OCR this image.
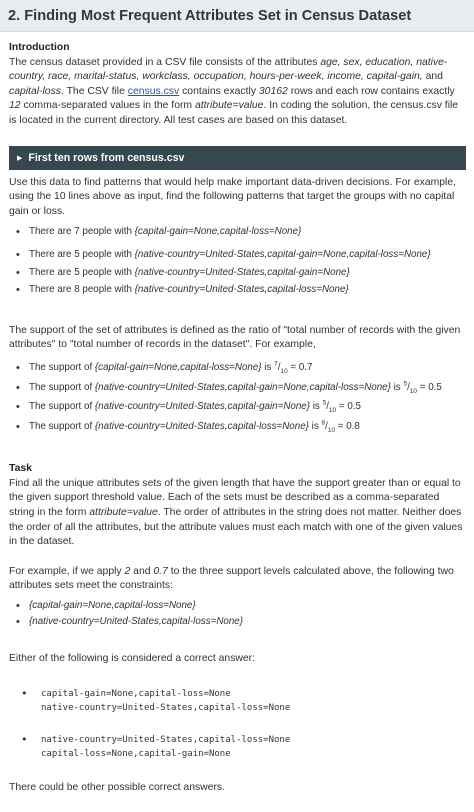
2. Finding Most Frequent Attributes Set in Census Dataset
Introduction
The census dataset provided in a CSV file consists of the attributes age, sex, education, native-country, race, marital-status, workclass, occupation, hours-per-week, income, capital-gain, and capital-loss. The CSV file census.csv contains exactly 30162 rows and each row contains exactly 12 comma-separated values in the form attribute=value. In coding the solution, the census.csv file is located in the current directory. All test cases are based on this dataset.
▶ First ten rows from census.csv
Use this data to find patterns that would help make important data-driven decisions. For example, using the 10 lines above as input, find the following patterns that target the groups with no capital gain or loss.
• There are 7 people with {capital-gain=None,capital-loss=None}
• There are 5 people with {native-country=United-States,capital-gain=None,capital-loss=None}
• There are 5 people with {native-country=United-States,capital-gain=None}
• There are 8 people with {native-country=United-States,capital-loss=None}
The support of the set of attributes is defined as the ratio of "total number of records with the given attributes" to "total number of records in the dataset". For example,
• The support of {capital-gain=None,capital-loss=None} is $^7/_{10} = 0.7$
• The support of {native-country=United-States,capital-gain=None,capital-loss=None} is $^5/_{10} = 0.5$
• The support of {native-country=United-States,capital-gain=None} is $^5/_{10} = 0.5$
• The support of {native-country=United-States,capital-loss=None} is $^8/_{10} = 0.8$
Task
Find all the unique attributes sets of the given length that have the support greater than or equal to the given support threshold value. Each of the sets must be described as a comma-separated string in the form attribute=value. The order of attributes in the string does not matter. Neither does the order of all the attributes, but the attribute values must each match with one of the given values in the dataset.
For example, if we apply 2 and 0.7 to the three support levels calculated above, the following two attributes sets meet the constraints:
• {capital-gain=None,capital-loss=None}
• {native-country=United-States,capital-loss=None}
Either of the following is considered a correct answer:
• capital-gain=None,capital-loss=None
native-country=United-States,capital-loss=None
• native-country=United-States,capital-loss=None
capital-loss=None,capital-gain=None
There could be other possible correct answers.
